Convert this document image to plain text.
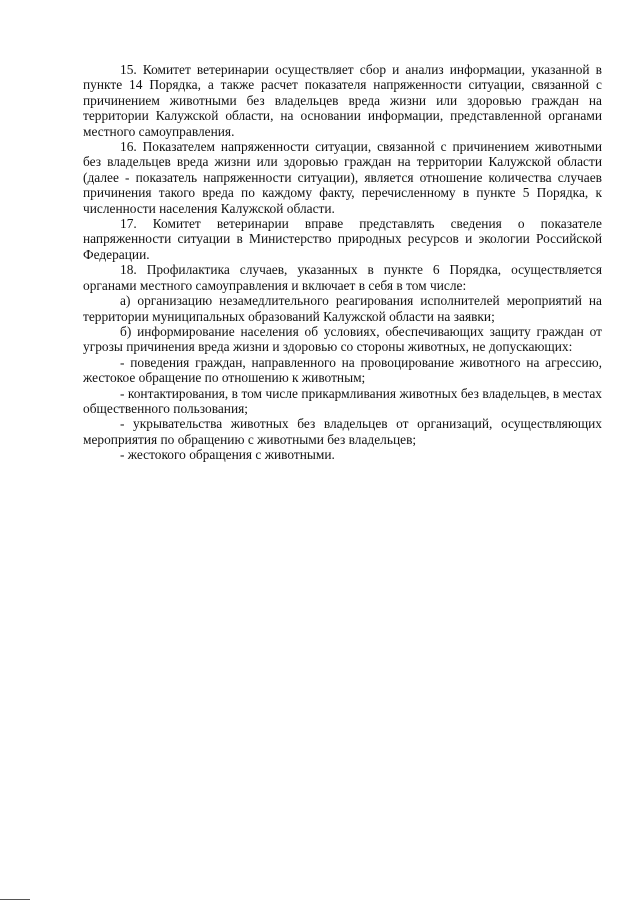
15. Комитет ветеринарии осуществляет сбор и анализ информации, указанной в пункте 14 Порядка, а также расчет показателя напряженности ситуации, связанной с причинением животными без владельцев вреда жизни или здоровью граждан на территории Калужской области, на основании информации, представленной органами местного самоуправления.

16. Показателем напряженности ситуации, связанной с причинением животными без владельцев вреда жизни или здоровью граждан на территории Калужской области (далее - показатель напряженности ситуации), является отношение количества случаев причинения такого вреда по каждому факту, перечисленному в пункте 5 Порядка, к численности населения Калужской области.

17. Комитет ветеринарии вправе представлять сведения о показателе напряженности ситуации в Министерство природных ресурсов и экологии Российской Федерации.

18. Профилактика случаев, указанных в пункте 6 Порядка, осуществляется органами местного самоуправления и включает в себя в том числе:

а) организацию незамедлительного реагирования исполнителей мероприятий на территории муниципальных образований Калужской области на заявки;

б) информирование населения об условиях, обеспечивающих защиту граждан от угрозы причинения вреда жизни и здоровью со стороны животных, не допускающих:

- поведения граждан, направленного на провоцирование животного на агрессию, жестокое обращение по отношению к животным;

- контактирования, в том числе прикармливания животных без владельцев, в местах общественного пользования;

- укрывательства животных без владельцев от организаций, осуществляющих мероприятия по обращению с животными без владельцев;

- жестокого обращения с животными.
